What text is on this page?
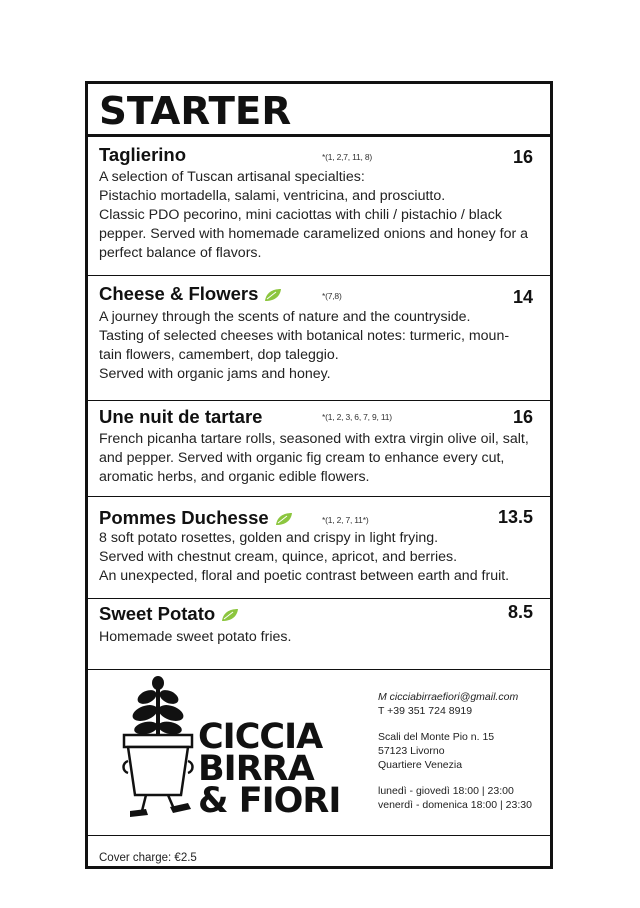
STARTER
Taglierino	*(1, 2,7, 11, 8)	16
A selection of Tuscan artisanal specialties:
Pistachio mortadella, salami, ventricina, and prosciutto.
Classic PDO pecorino, mini caciottas with chili / pistachio / black
pepper. Served with homemade caramelized onions and honey for a
perfect balance of flavors.
Cheese & Flowers	*(7,8)	14
A journey through the scents of nature and the countryside.
Tasting of selected cheeses with botanical notes: turmeric, moun-
tain flowers, camembert, dop taleggio.
Served with organic jams and honey.
Une nuit de tartare	*(1, 2, 3, 6, 7, 9, 11)	16
French picanha tartare rolls, seasoned with extra virgin olive oil, salt,
and pepper. Served with organic fig cream to enhance every cut,
aromatic herbs, and organic edible flowers.
Pommes Duchesse	*(1, 2, 7, 11*)	13.5
8 soft potato rosettes, golden and crispy in light frying.
Served with chestnut cream, quince, apricot, and berries.
An unexpected, floral and poetic contrast between earth and fruit.
Sweet Potato	8.5
Homemade sweet potato fries.
CICCIA
BIRRA
& FIORI
M cicciabirraefiori@gmail.com
T +39 351 724 8919
Scali del Monte Pio n. 15
57123 Livorno
Quartiere Venezia
lunedì - giovedì 18:00 | 23:00
venerdì - domenica 18:00 | 23:30
Cover charge: €2.5
